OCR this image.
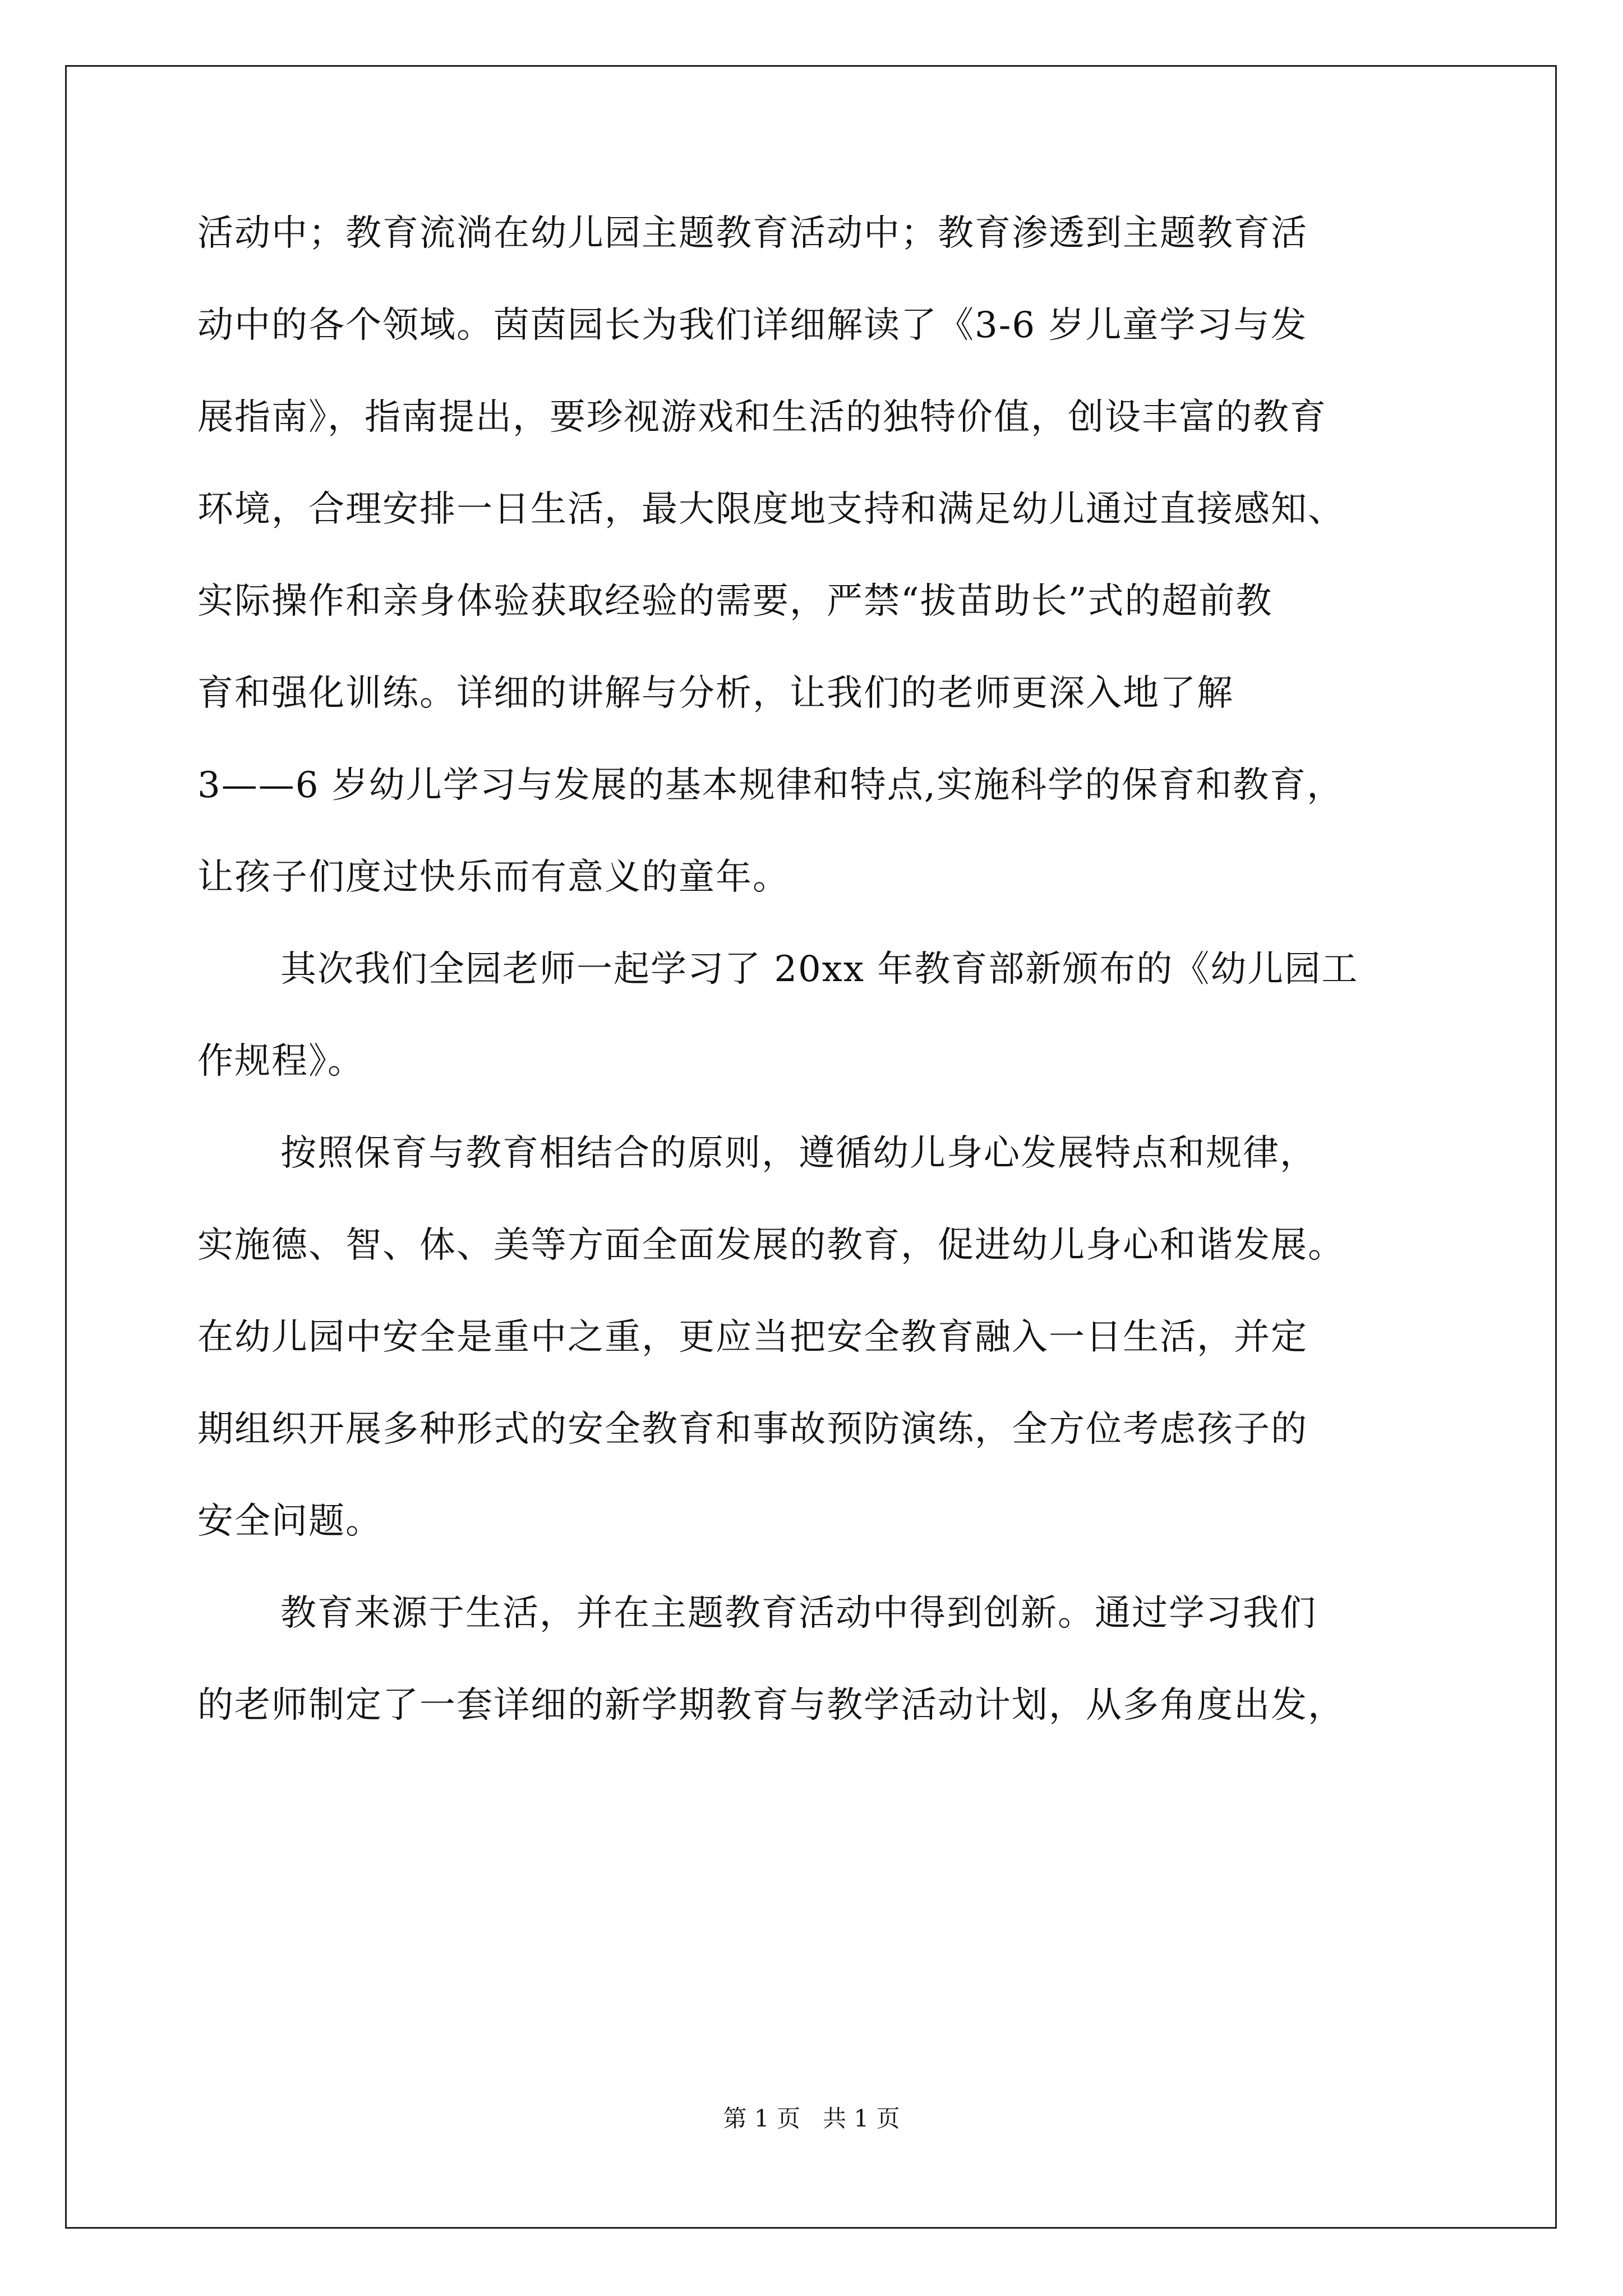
活动中；教育流淌在幼儿园主题教育活动中；教育渗透到主题教育活
动中的各个领域。茵茵园长为我们详细解读了《3-6 岁儿童学习与发
展指南》，指南提出，要珍视游戏和生活的独特价值，创设丰富的教育
环境，合理安排一日生活，最大限度地支持和满足幼儿通过直接感知、
实际操作和亲身体验获取经验的需要，严禁“拔苗助长”式的超前教
育和强化训练。详细的讲解与分析，让我们的老师更深入地了解
3——6 岁幼儿学习与发展的基本规律和特点,实施科学的保育和教育，
让孩子们度过快乐而有意义的童年。
其次我们全园老师一起学习了 20xx 年教育部新颁布的《幼儿园工
作规程》。
按照保育与教育相结合的原则，遵循幼儿身心发展特点和规律，
实施德、智、体、美等方面全面发展的教育，促进幼儿身心和谐发展。
在幼儿园中安全是重中之重，更应当把安全教育融入一日生活，并定
期组织开展多种形式的安全教育和事故预防演练，全方位考虑孩子的
安全问题。
教育来源于生活，并在主题教育活动中得到创新。通过学习我们
的老师制定了一套详细的新学期教育与教学活动计划，从多角度出发，
第 1 页   共 1 页
